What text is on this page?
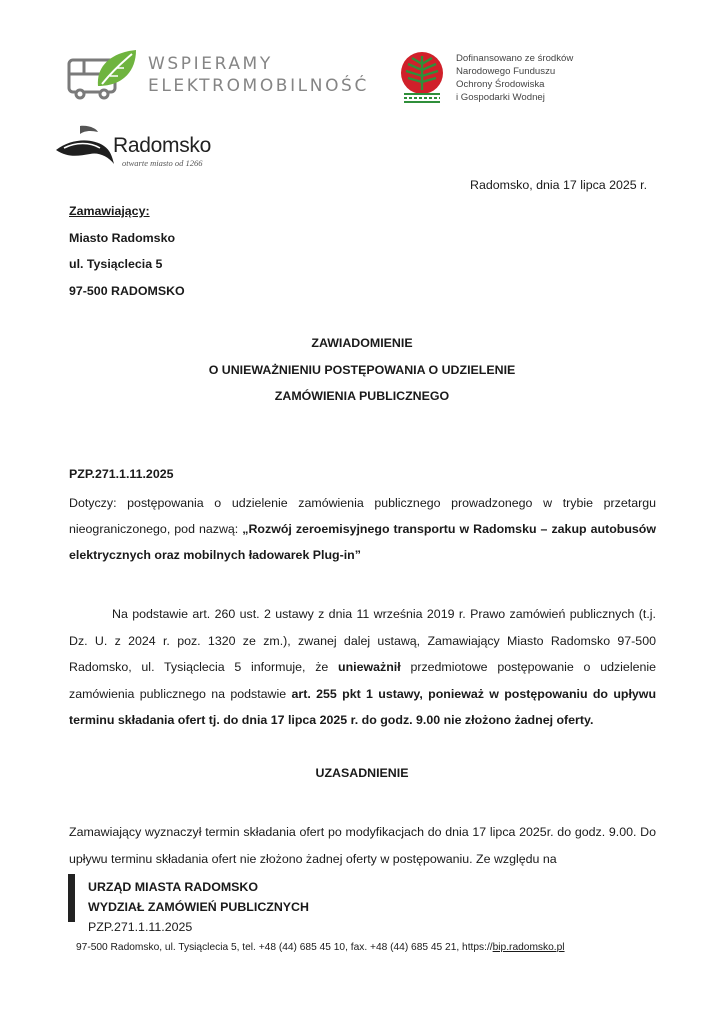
WSPIERAMY
ELEKTROMOBILNOŚĆ
Dofinansowano ze środków
Narodowego Funduszu
Ochrony Środowiska
i Gospodarki Wodnej
Radomsko
otwarte miasto od 1266
Radomsko, dnia 17 lipca 2025 r.
Zamawiający:
Miasto Radomsko
ul. Tysiąclecia 5
97-500 RADOMSKO
ZAWIADOMIENIE
O UNIEWAŻNIENIU POSTĘPOWANIA O UDZIELENIE
ZAMÓWIENIA PUBLICZNEGO
PZP.271.1.11.2025
Dotyczy: postępowania o udzielenie zamówienia publicznego prowadzonego w trybie przetargu nieograniczonego, pod nazwą: „Rozwój zeroemisyjnego transportu w Radomsku – zakup autobusów elektrycznych oraz mobilnych ładowarek Plug-in”
Na podstawie art. 260 ust. 2 ustawy z dnia 11 września 2019 r. Prawo zamówień publicznych (t.j. Dz. U. z 2024 r. poz. 1320 ze zm.), zwanej dalej ustawą, Zamawiający Miasto Radomsko 97-500 Radomsko, ul. Tysiąclecia 5 informuje, że unieważnił przedmiotowe postępowanie o udzielenie zamówienia publicznego na podstawie art. 255 pkt 1 ustawy, ponieważ w postępowaniu do upływu terminu składania ofert tj. do dnia 17 lipca 2025 r. do godz. 9.00 nie złożono żadnej oferty.
UZASADNIENIE
Zamawiający wyznaczył termin składania ofert po modyfikacjach do dnia 17 lipca 2025r. do godz. 9.00. Do upływu terminu składania ofert nie złożono żadnej oferty w postępowaniu. Ze względu na
URZĄD MIASTA RADOMSKO
WYDZIAŁ ZAMÓWIEŃ PUBLICZNYCH
PZP.271.1.11.2025
97-500 Radomsko, ul. Tysiąclecia 5, tel. +48 (44) 685 45 10, fax. +48 (44) 685 45 21, https://bip.radomsko.pl
